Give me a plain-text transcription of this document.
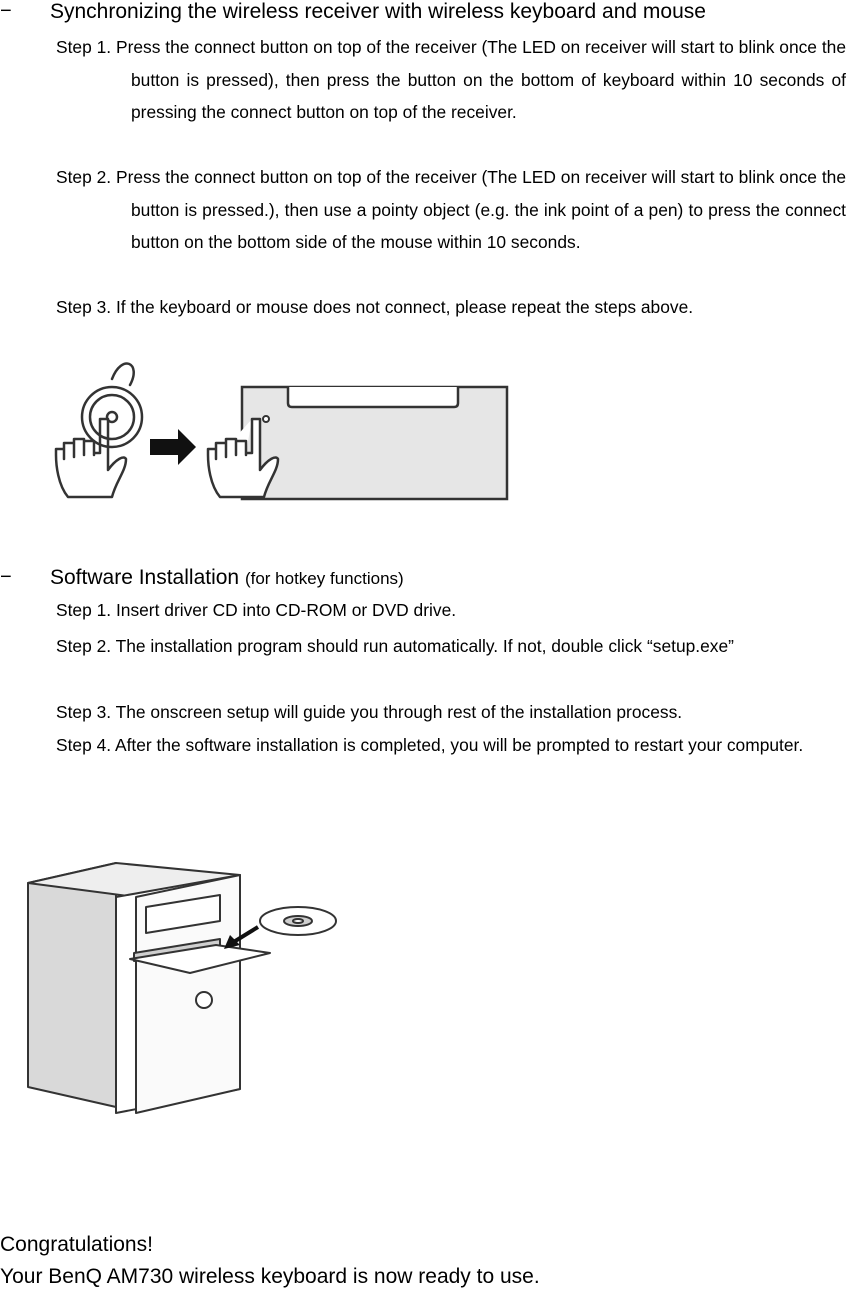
− Synchronizing the wireless receiver with wireless keyboard and mouse
Step 1. Press the connect button on top of the receiver (The LED on receiver will start to blink once the button is pressed), then press the button on the bottom of keyboard within 10 seconds of pressing the connect button on top of the receiver.
Step 2. Press the connect button on top of the receiver (The LED on receiver will start to blink once the button is pressed.), then use a pointy object (e.g. the ink point of a pen) to press the connect button on the bottom side of the mouse within 10 seconds.
Step 3. If the keyboard or mouse does not connect, please repeat the steps above.
− Software Installation (for hotkey functions)
Step 1. Insert driver CD into CD-ROM or DVD drive.
Step 2. The installation program should run automatically. If not, double click “setup.exe”
Step 3. The onscreen setup will guide you through rest of the installation process.
Step 4. After the software installation is completed, you will be prompted to restart your computer.
Congratulations!
Your BenQ AM730 wireless keyboard is now ready to use.
